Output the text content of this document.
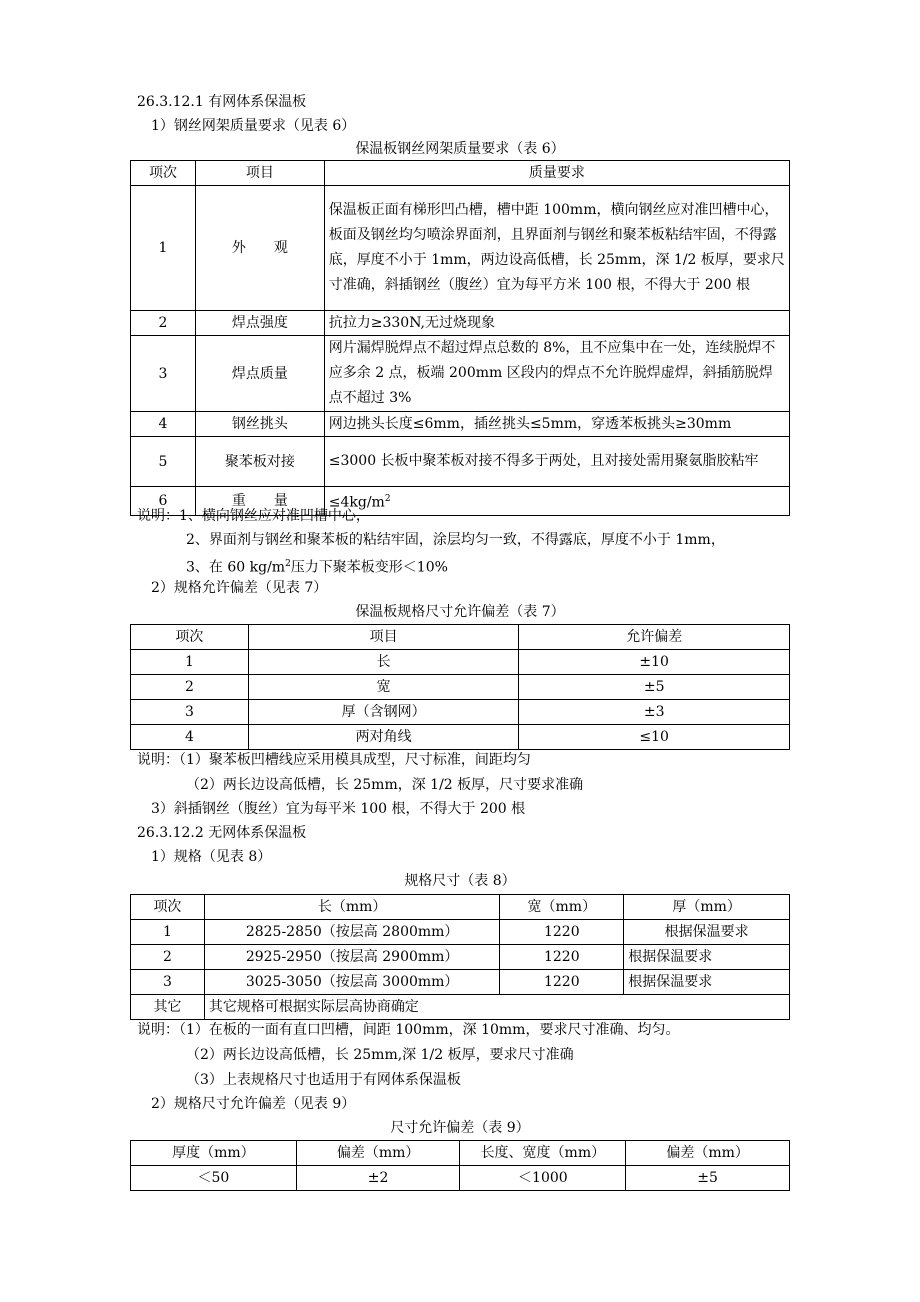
26.3.12.1 有网体系保温板
1）钢丝网架质量要求（见表 6）
保温板钢丝网架质量要求（表 6）
项次	项目	质量要求
1	外　　观	保温板正面有梯形凹凸槽，槽中距 100mm，横向钢丝应对准凹槽中心，板面及钢丝均匀喷涂界面剂，且界面剂与钢丝和聚苯板粘结牢固，不得露底，厚度不小于 1mm，两边设高低槽，长 25mm，深 1/2 板厚，要求尺寸准确，斜插钢丝（腹丝）宜为每平方米 100 根，不得大于 200 根
2	焊点强度	抗拉力≥330N,无过烧现象
3	焊点质量	网片漏焊脱焊点不超过焊点总数的 8%，且不应集中在一处，连续脱焊不应多余 2 点，板端 200mm 区段内的焊点不允许脱焊虚焊，斜插筋脱焊点不超过 3%
4	钢丝挑头	网边挑头长度≤6mm，插丝挑头≤5mm，穿透苯板挑头≥30mm
5	聚苯板对接	≤3000 长板中聚苯板对接不得多于两处，且对接处需用聚氨脂胶粘牢
6	重　　量	$\le 4kg/m^2$
说明：1、横向钢丝应对准凹槽中心，
2、界面剂与钢丝和聚苯板的粘结牢固，涂层均匀一致，不得露底，厚度不小于 1mm，
3、在 60 $kg/m^2$压力下聚苯板变形＜10%
2）规格允许偏差（见表 7）
保温板规格尺寸允许偏差（表 7）
项次	项目	允许偏差
1	长	±10
2	宽	±5
3	厚（含钢网）	±3
4	两对角线	≤10
说明：（1）聚苯板凹槽线应采用模具成型，尺寸标准，间距均匀
（2）两长边设高低槽，长 25mm，深 1/2 板厚，尺寸要求准确
3）斜插钢丝（腹丝）宜为每平米 100 根，不得大于 200 根
26.3.12.2 无网体系保温板
1）规格（见表 8）
规格尺寸（表 8）
项次	长（mm）	宽（mm）	厚（mm）
1	2825-2850（按层高 2800mm）	1220	根据保温要求
2	2925-2950（按层高 2900mm）	1220	根据保温要求
3	3025-3050（按层高 3000mm）	1220	根据保温要求
其它	其它规格可根据实际层高协商确定		
说明：（1）在板的一面有直口凹槽，间距 100mm，深 10mm，要求尺寸准确、均匀。
（2）两长边设高低槽，长 25mm,深 1/2 板厚，要求尺寸准确
（3）上表规格尺寸也适用于有网体系保温板
2）规格尺寸允许偏差（见表 9）
尺寸允许偏差（表 9）
厚度（mm）	偏差（mm）	长度、宽度（mm）	偏差（mm）
＜50	±2	＜1000	±5
